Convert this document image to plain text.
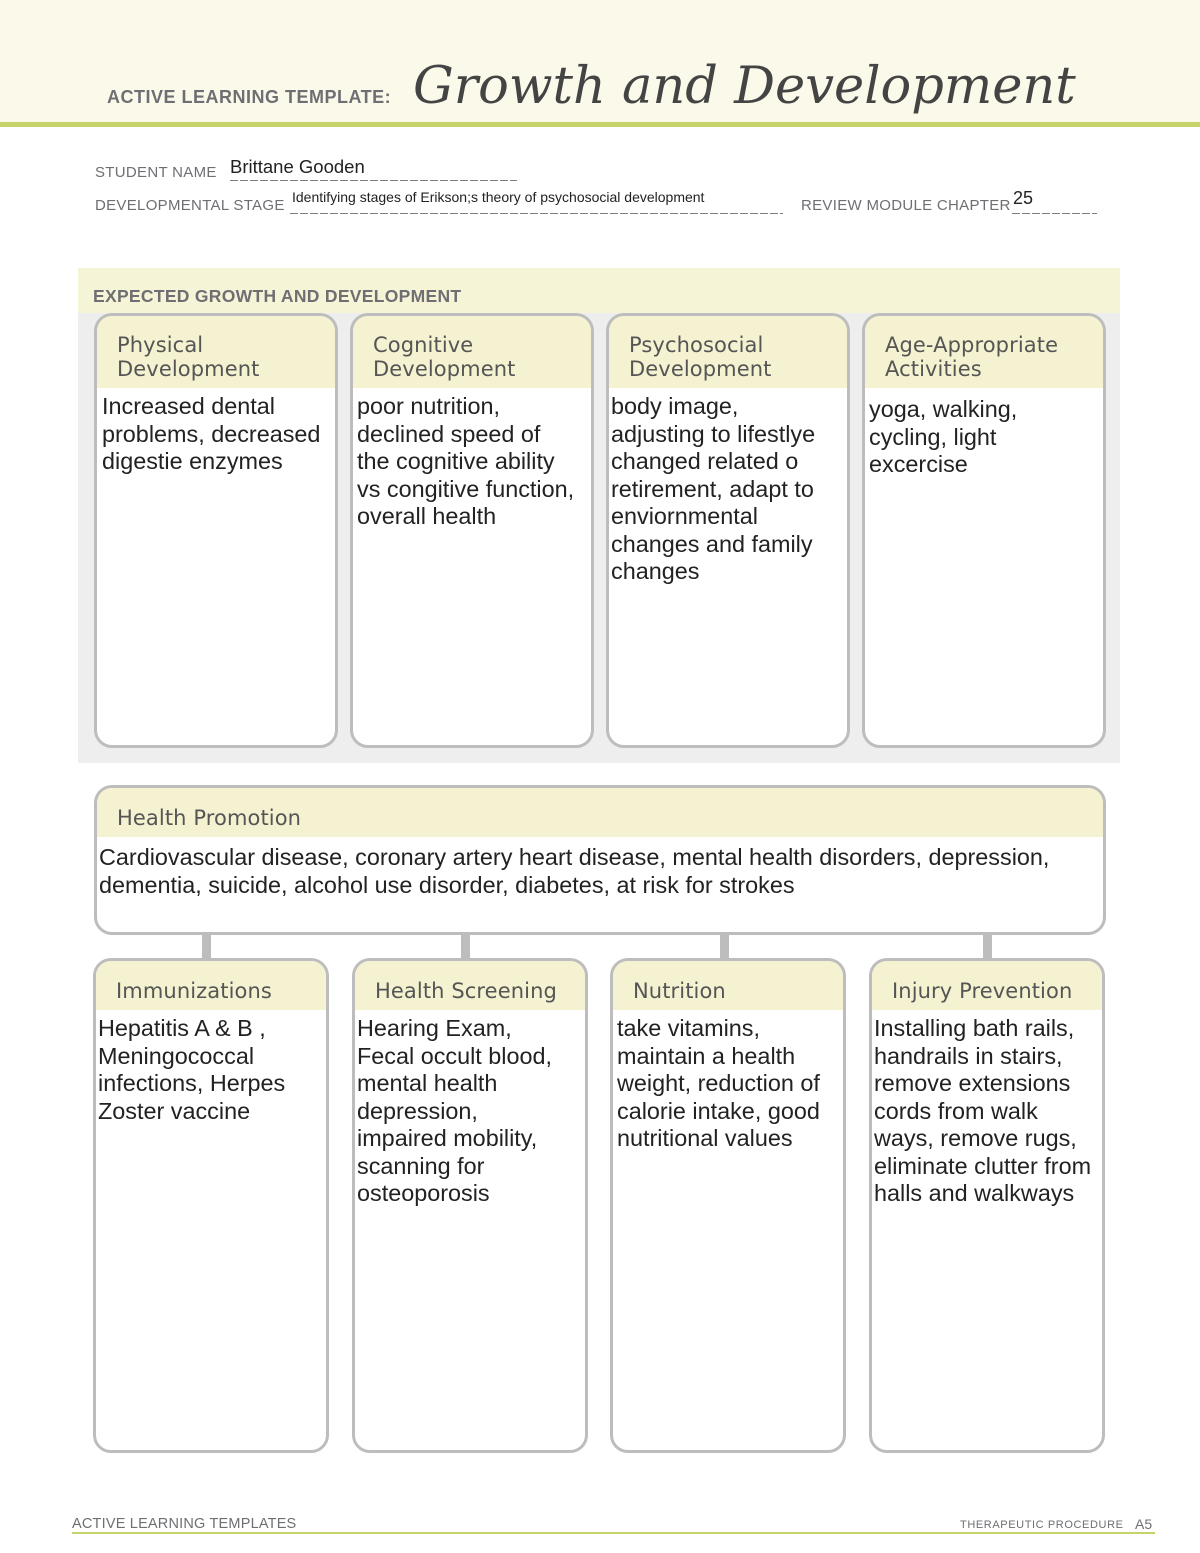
ACTIVE LEARNING TEMPLATE: Growth and Development
STUDENT NAME Brittane Gooden
DEVELOPMENTAL STAGE Identifying stages of Erikson;s theory of psychosocial development	REVIEW MODULE CHAPTER 25
EXPECTED GROWTH AND DEVELOPMENT
Physical
Development
Increased dental
problems, decreased
digestie enzymes
Cognitive
Development
poor nutrition,
declined speed of
the cognitive ability
vs congitive function,
overall health
Psychosocial
Development
body image,
adjusting to lifestlye
changed related o
retirement, adapt to
enviornmental
changes and family
changes
Age-Appropriate
Activities
yoga, walking,
cycling, light
excercise
Health Promotion
Cardiovascular disease, coronary artery heart disease, mental health disorders, depression,
dementia, suicide, alcohol use disorder, diabetes, at risk for strokes
Immunizations
Hepatitis A & B ,
Meningococcal
infections, Herpes
Zoster vaccine
Health Screening
Hearing Exam,
Fecal occult blood,
mental health
depression,
impaired mobility,
scanning for
osteoporosis
Nutrition
take vitamins,
maintain a health
weight, reduction of
calorie intake, good
nutritional values
Injury Prevention
Installing bath rails,
handrails in stairs,
remove extensions
cords from walk
ways, remove rugs,
eliminate clutter from
halls and walkways
ACTIVE LEARNING TEMPLATES	THERAPEUTIC PROCEDURE A5
